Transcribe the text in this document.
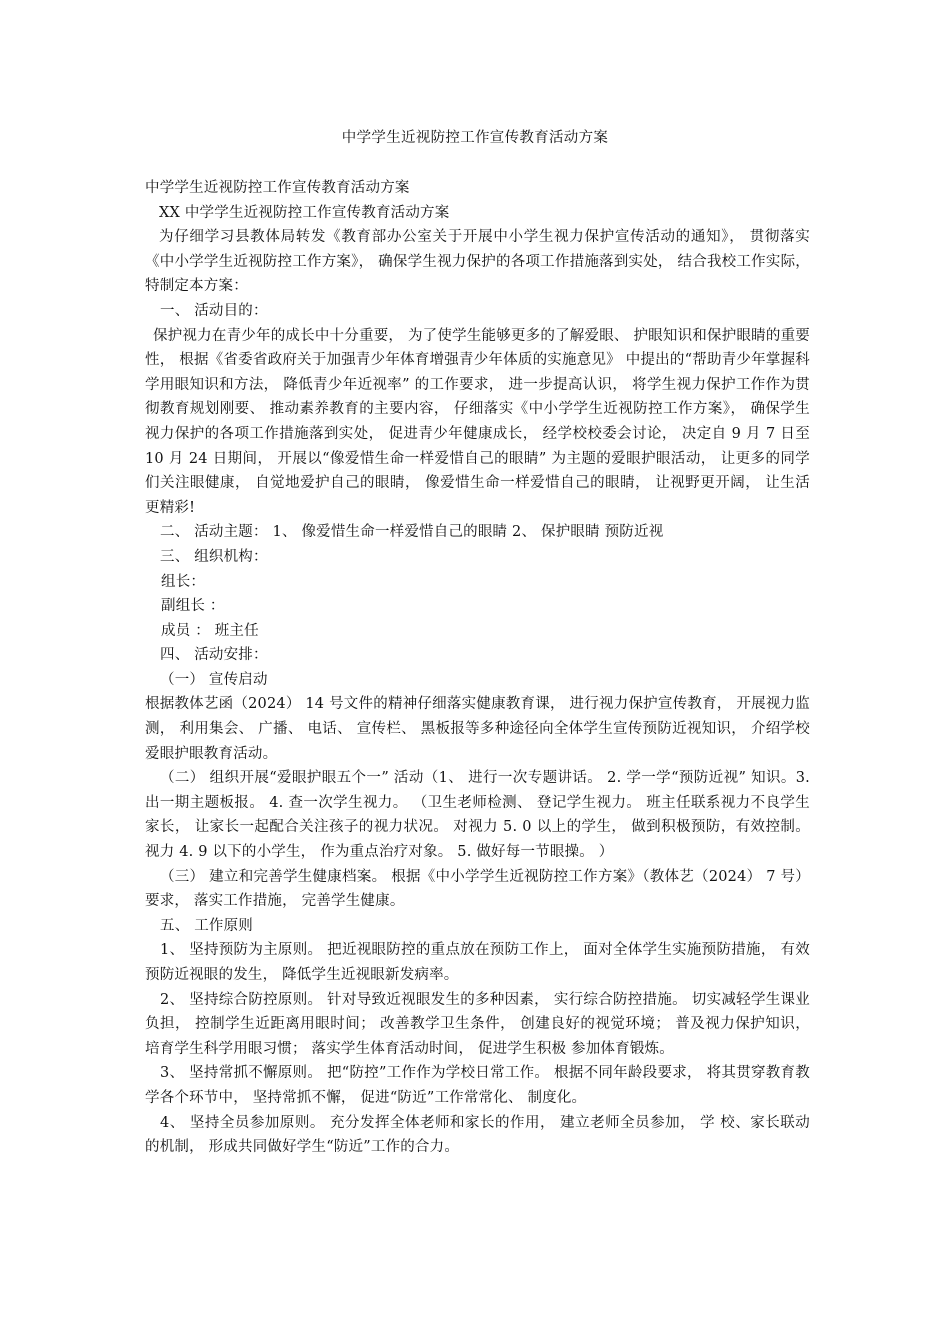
中学学生近视防控工作宣传教育活动方案

中学学生近视防控工作宣传教育活动方案

XX 中学学生近视防控工作宣传教育活动方案

为仔细学习县教体局转发《教育部办公室关于开展中小学生视力保护宣传活动的通知》， 贯彻落实《中小学学生近视防控工作方案》， 确保学生视力保护的各项工作措施落到实处， 结合我校工作实际， 特制定本方案：

一、 活动目的：

保护视力在青少年的成长中十分重要， 为了使学生能够更多的了解爱眼、 护眼知识和保护眼睛的重要性， 根据《省委省政府关于加强青少年体育增强青少年体质的实施意见》 中提出的“帮助青少年掌握科学用眼知识和方法， 降低青少年近视率” 的工作要求， 进一步提高认识， 将学生视力保护工作作为贯彻教育规划刚要、 推动素养教育的主要内容， 仔细落实《中小学学生近视防控工作方案》， 确保学生视力保护的各项工作措施落到实处， 促进青少年健康成长， 经学校校委会讨论， 决定自 9 月 7 日至 10 月 24 日期间， 开展以“像爱惜生命一样爱惜自己的眼睛” 为主题的爱眼护眼活动， 让更多的同学们关注眼健康， 自觉地爱护自己的眼睛， 像爱惜生命一样爱惜自己的眼睛， 让视野更开阔， 让生活更精彩!

二、 活动主题： 1、 像爱惜生命一样爱惜自己的眼睛 2、 保护眼睛 预防近视

三、 组织机构：

组长：

副组长 ：

成员 ： 班主任

四、 活动安排：

（一） 宣传启动

根据教体艺函（2024） 14 号文件的精神仔细落实健康教育课， 进行视力保护宣传教育， 开展视力监测， 利用集会、 广播、 电话、 宣传栏、 黑板报等多种途径向全体学生宣传预防近视知识， 介绍学校爱眼护眼教育活动。

（二） 组织开展“爱眼护眼五个一” 活动（1、 进行一次专题讲话。 2. 学一学“预防近视” 知识。3. 出一期主题板报。 4. 查一次学生视力。 （卫生老师检测、 登记学生视力。 班主任联系视力不良学生家长， 让家长一起配合关注孩子的视力状况。 对视力 5. 0 以上的学生， 做到积极预防，有效控制。 视力 4. 9 以下的小学生， 作为重点治疗对象。 5. 做好每一节眼操。 ）

（三） 建立和完善学生健康档案。 根据《中小学学生近视防控工作方案》（教体艺（2024） 7 号）要求， 落实工作措施， 完善学生健康。

五、 工作原则

1、 坚持预防为主原则。 把近视眼防控的重点放在预防工作上， 面对全体学生实施预防措施， 有效预防近视眼的发生， 降低学生近视眼新发病率。

2、 坚持综合防控原则。 针对导致近视眼发生的多种因素， 实行综合防控措施。 切实减轻学生课业负担， 控制学生近距离用眼时间； 改善教学卫生条件， 创建良好的视觉环境； 普及视力保护知识， 培育学生科学用眼习惯； 落实学生体育活动时间， 促进学生积极 参加体育锻炼。

3、 坚持常抓不懈原则。 把“防控”工作作为学校日常工作。 根据不同年龄段要求， 将其贯穿教育教学各个环节中， 坚持常抓不懈， 促进“防近”工作常常化、 制度化。

4、 坚持全员参加原则。 充分发挥全体老师和家长的作用， 建立老师全员参加， 学 校、家长联动的机制， 形成共同做好学生“防近”工作的合力。
